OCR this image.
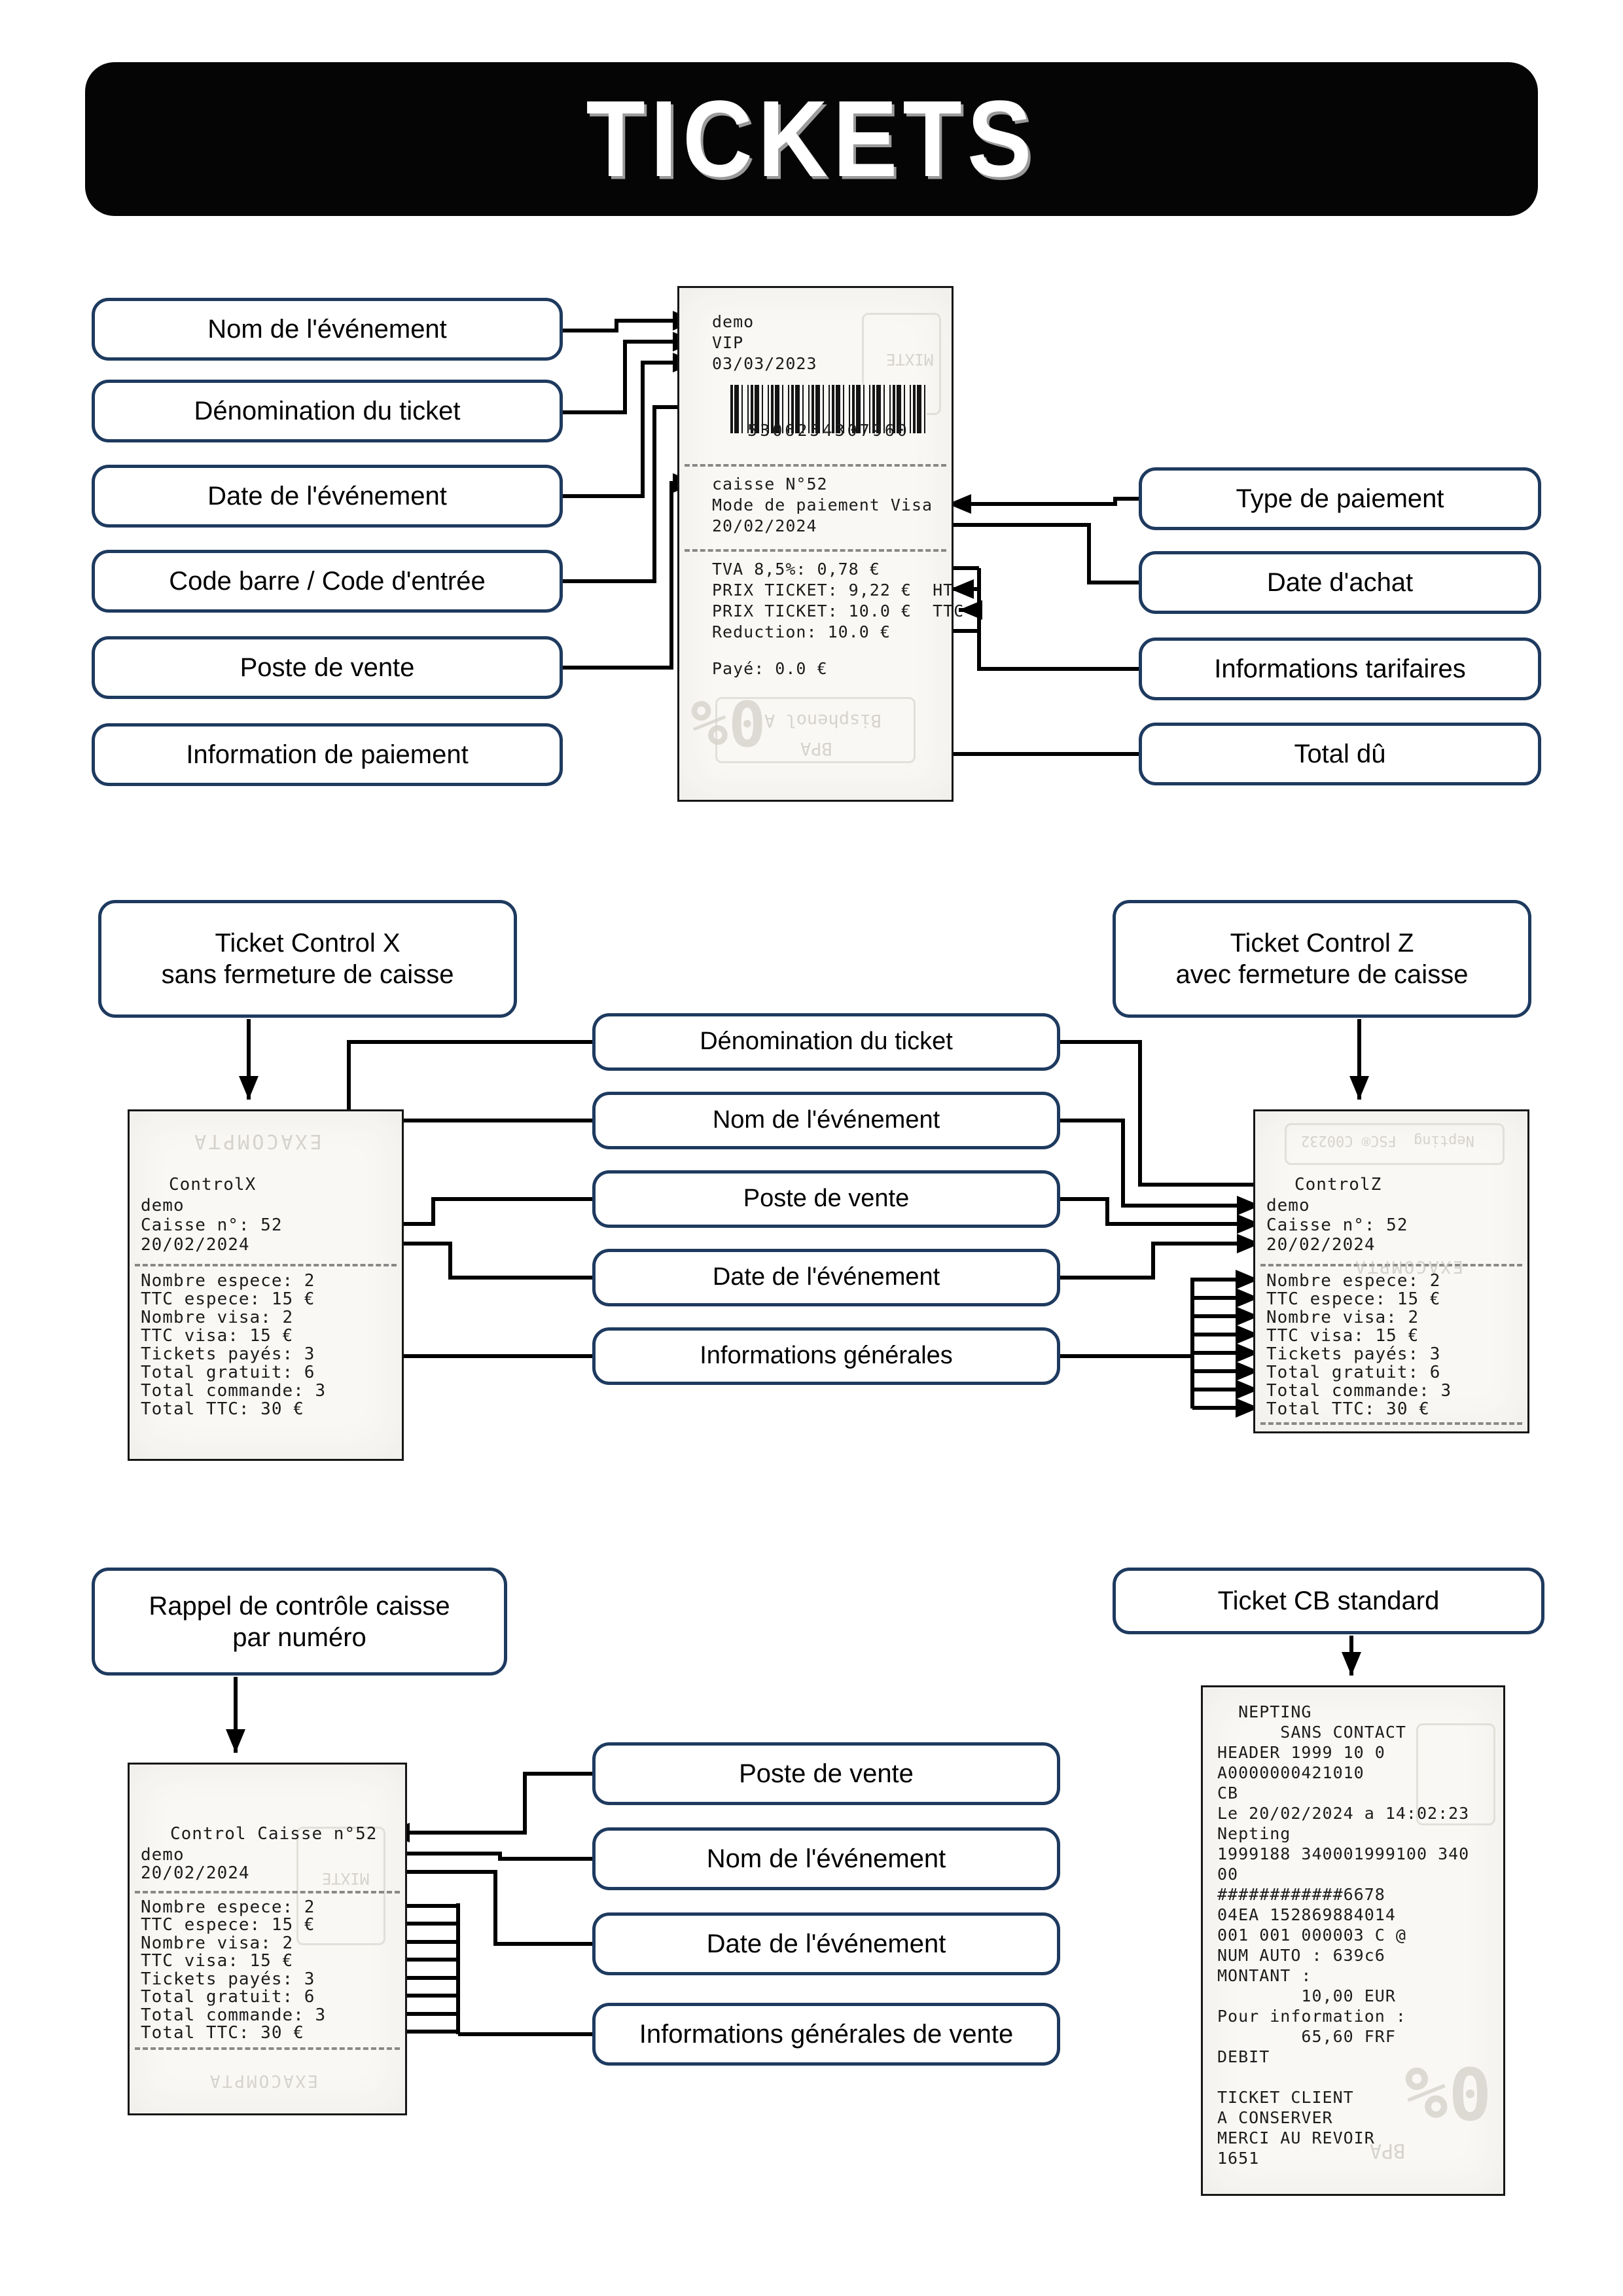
TICKETS
Nom de l'événement
Dénomination du ticket
Date de l'événement
Code barre / Code d'entrée
Poste de vente
Information de paiement
Type de paiement
Date d'achat
Informations tarifaires
Total dû
MIXTE
demo
VIP
03/03/2023
5306254307960
caisse N°52
Mode de paiement Visa
20/02/2024
TVA 8,5%: 0,78 €
PRIX TICKET: 9,22 €  HT
PRIX TICKET: 10.0 €  TTC
Reduction: 10.0 €
Payé: 0.0 €
Bisphenol A
BPA
0%
Ticket Control X
sans fermeture de caisse
Ticket Control Z
avec fermeture de caisse
Dénomination du ticket
Nom de l'événement
Poste de vente
Date de l'événement
Informations générales
EXACOMPTA
ControlX
demo
Caisse n°: 52
20/02/2024
Nombre espece: 2
TTC espece: 15 €
Nombre visa: 2
TTC visa: 15 €
Tickets payés: 3
Total gratuit: 6
Total commande: 3
Total TTC: 30 €
Nepting  FSC® C00232
ControlZ
demo
Caisse n°: 52
20/02/2024
EXACOMPTA
Nombre espece: 2
TTC espece: 15 €
Nombre visa: 2
TTC visa: 15 €
Tickets payés: 3
Total gratuit: 6
Total commande: 3
Total TTC: 30 €
Rappel de contrôle caisse
par numéro
Ticket CB standard
Poste de vente
Nom de l'événement
Date de l'événement
Informations générales de vente
MIXTE
Control Caisse n°52
demo
20/02/2024
Nombre espece: 2
TTC espece: 15 €
Nombre visa: 2
TTC visa: 15 €
Tickets payés: 3
Total gratuit: 6
Total commande: 3
Total TTC: 30 €
EXACOMPTA
NEPTING
SANS CONTACT
HEADER 1999 10 0
A0000000421010
CB
Le 20/02/2024 a 14:02:23
Nepting
1999188 340001999100 340
00
############6678
04EA 152869884014
001 001 000003 C @
NUM AUTO : 639c6
MONTANT :
10,00 EUR
Pour information :
65,60 FRF
DEBIT
TICKET CLIENT
A CONSERVER
MERCI AU REVOIR
1651
0%
BPA
